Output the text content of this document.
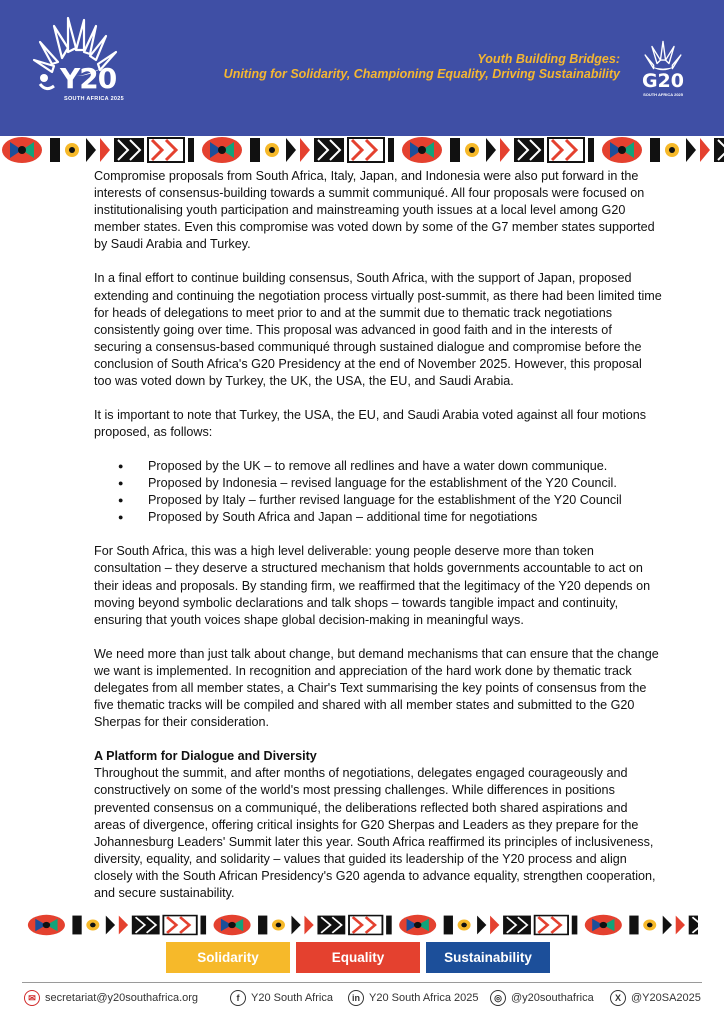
Y20
SOUTH AFRICA 2025
Youth Building Bridges:
Uniting for Solidarity, Championing Equality, Driving Sustainability G20
SOUTH AFRICA 2025

Compromise proposals from South Africa, Italy, Japan, and Indonesia were also put forward in the interests of consensus-building towards a summit communiqué. All four proposals were focused on institutionalising youth participation and mainstreaming youth issues at a local level among G20 member states. Even this compromise was voted down by some of the G7 member states supported by Saudi Arabia and Turkey.

In a final effort to continue building consensus, South Africa, with the support of Japan, proposed extending and continuing the negotiation process virtually post-summit, as there had been limited time for heads of delegations to meet prior to and at the summit due to thematic track negotiations consistently going over time. This proposal was advanced in good faith and in the interests of securing a consensus-based communiqué through sustained dialogue and compromise before the conclusion of South Africa's G20 Presidency at the end of November 2025. However, this proposal too was voted down by Turkey, the UK, the USA, the EU, and Saudi Arabia.

It is important to note that Turkey, the USA, the EU, and Saudi Arabia voted against all four motions proposed, as follows:

● Proposed by the UK – to remove all redlines and have a water down communique.
● Proposed by Indonesia – revised language for the establishment of the Y20 Council.
● Proposed by Italy – further revised language for the establishment of the Y20 Council
● Proposed by South Africa and Japan – additional time for negotiations

For South Africa, this was a high level deliverable: young people deserve more than token consultation – they deserve a structured mechanism that holds governments accountable to act on their ideas and proposals. By standing firm, we reaffirmed that the legitimacy of the Y20 depends on moving beyond symbolic declarations and talk shops – towards tangible impact and continuity, ensuring that youth voices shape global decision-making in meaningful ways.

We need more than just talk about change, but demand mechanisms that can ensure that the change we want is implemented. In recognition and appreciation of the hard work done by thematic track delegates from all member states, a Chair's Text summarising the key points of consensus from the five thematic tracks will be compiled and shared with all member states and submitted to the G20 Sherpas for their consideration.

A Platform for Dialogue and Diversity

Throughout the summit, and after months of negotiations, delegates engaged courageously and constructively on some of the world's most pressing challenges. While differences in positions prevented consensus on a communiqué, the deliberations reflected both shared aspirations and areas of divergence, offering critical insights for G20 Sherpas and Leaders as they prepare for the Johannesburg Leaders' Summit later this year. South Africa reaffirmed its principles of inclusiveness, diversity, equality, and solidarity – values that guided its leadership of the Y20 process and align closely with the South African Presidency's G20 agenda to advance equality, strengthen cooperation, and secure sustainability.

Solidarity	Equality	Sustainability
✉ secretariat@y20southafrica.org	f	Y20 South Africa	in Y20 South Africa 2025	◎ @y20southafrica	X @Y20SA2025
